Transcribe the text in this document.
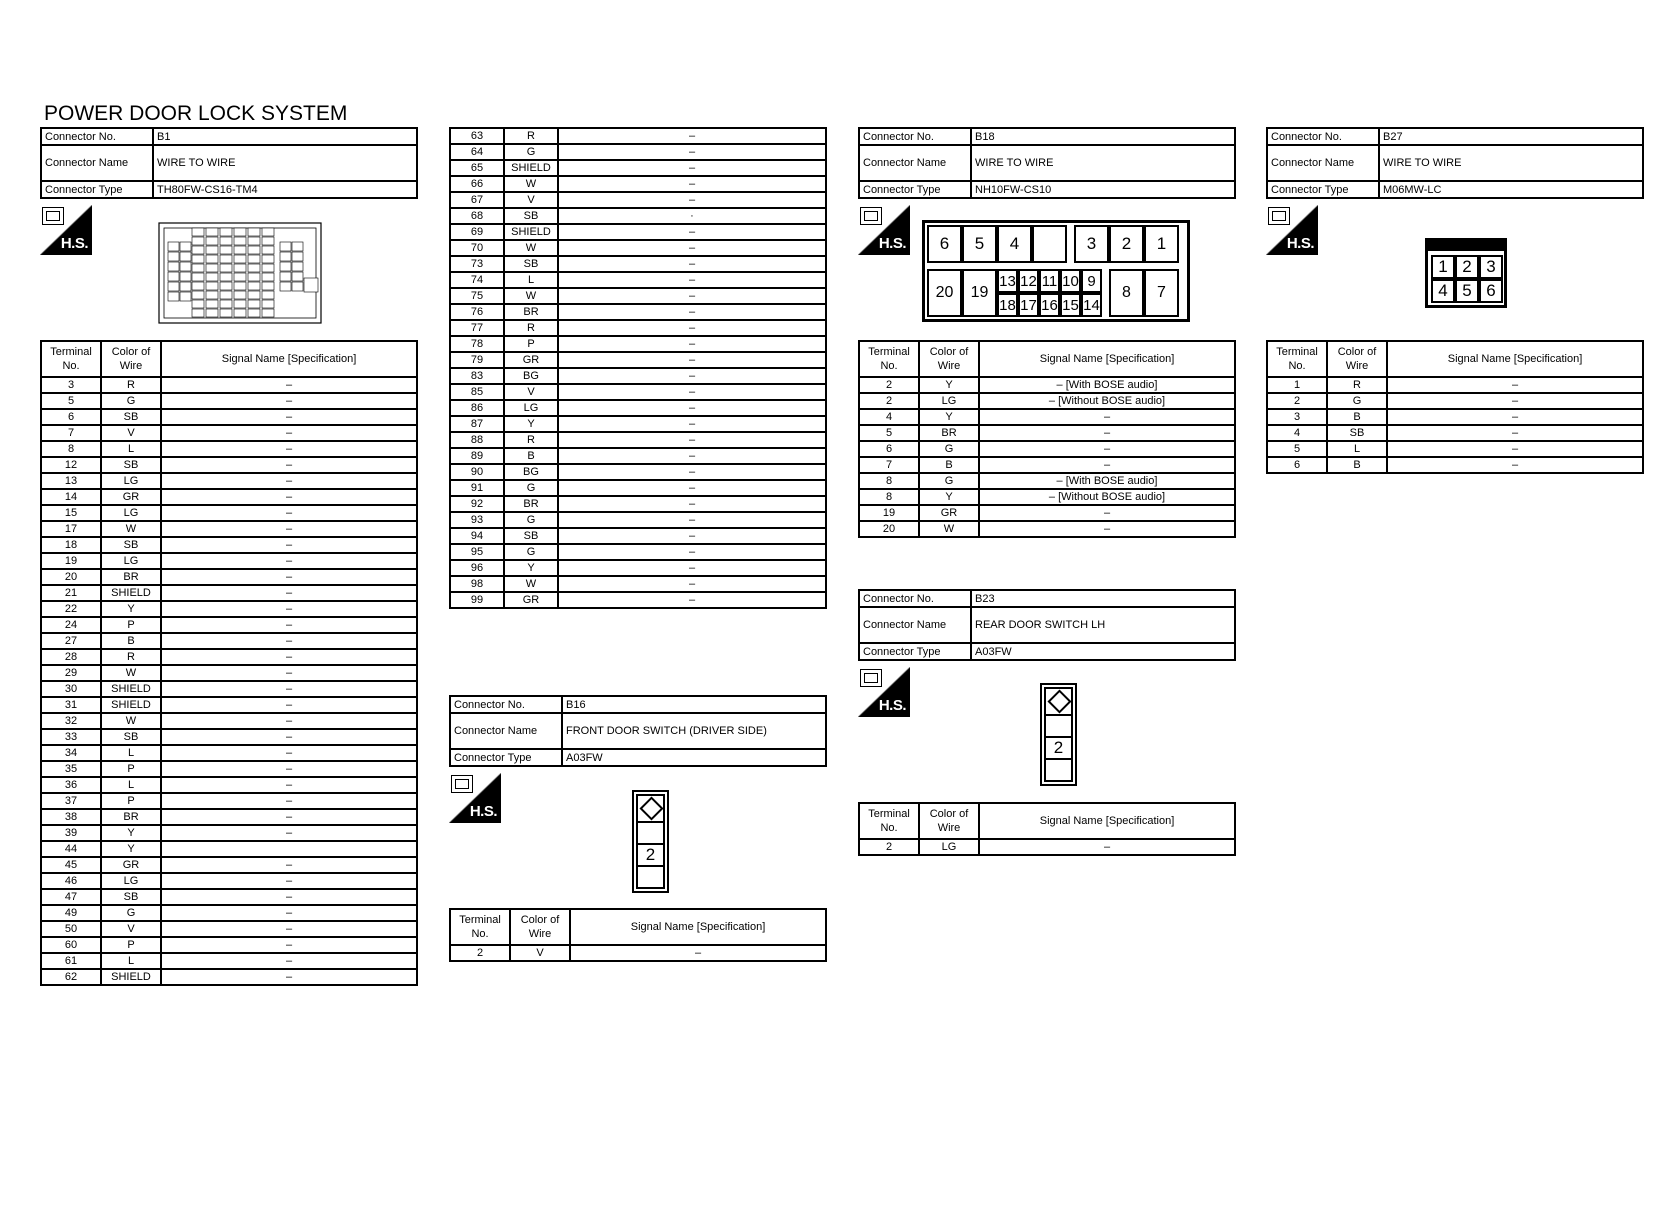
POWER DOOR LOCK SYSTEM
Connector No.	B1
Connector Name	WIRE TO WIRE
Connector Type	TH80FW-CS16-TM4
H.S.
Terminal No.	Color of Wire	Signal Name [Specification]
3	R	–
5	G	–
6	SB	–
7	V	–
8	L	–
12	SB	–
13	LG	–
14	GR	–
15	LG	–
17	W	–
18	SB	–
19	LG	–
20	BR	–
21	SHIELD	–
22	Y	–
24	P	–
27	B	–
28	R	–
29	W	–
30	SHIELD	–
31	SHIELD	–
32	W	–
33	SB	–
34	L	–
35	P	–
36	L	–
37	P	–
38	BR	–
39	Y	–
44	Y	
45	GR	–
46	LG	–
47	SB	–
49	G	–
50	V	–
60	P	–
61	L	–
62	SHIELD	–
63	R	–
64	G	–
65	SHIELD	–
66	W	–
67	V	–
68	SB	·
69	SHIELD	–
70	W	–
73	SB	–
74	L	–
75	W	–
76	BR	–
77	R	–
78	P	–
79	GR	–
83	BG	–
85	V	–
86	LG	–
87	Y	–
88	R	–
89	B	–
90	BG	–
91	G	–
92	BR	–
93	G	–
94	SB	–
95	G	–
96	Y	–
98	W	–
99	GR	–
Connector No.	B16
Connector Name	FRONT DOOR SWITCH (DRIVER SIDE)
Connector Type	A03FW
H.S.
2
Terminal No.	Color of Wire	Signal Name [Specification]
2	V	–
Connector No.	B18
Connector Name	WIRE TO WIRE
Connector Type	NH10FW-CS10
H.S.	6	5	4	3	2	1
20	19
13 12 11 10 9
18 17 16 15 14
8	7
Terminal No.	Color of Wire	Signal Name [Specification]
2	Y	– [With BOSE audio]
2	LG	– [Without BOSE audio]
4	Y	–
5	BR	–
6	G	–
7	B	–
8	G	– [With BOSE audio]
8	Y	– [Without BOSE audio]
19	GR	–
20	W	–
Connector No.	B23
Connector Name	REAR DOOR SWITCH LH
Connector Type	A03FW
H.S.
2
Terminal No.	Color of Wire	Signal Name [Specification]
2	LG	–
Connector No.	B27
Connector Name	WIRE TO WIRE
Connector Type	M06MW-LC
H.S.
1 2 3
4 5 6
Terminal No.	Color of Wire	Signal Name [Specification]
1	R	–
2	G	–
3	B	–
4	SB	–
5	L	–
6	B	–
